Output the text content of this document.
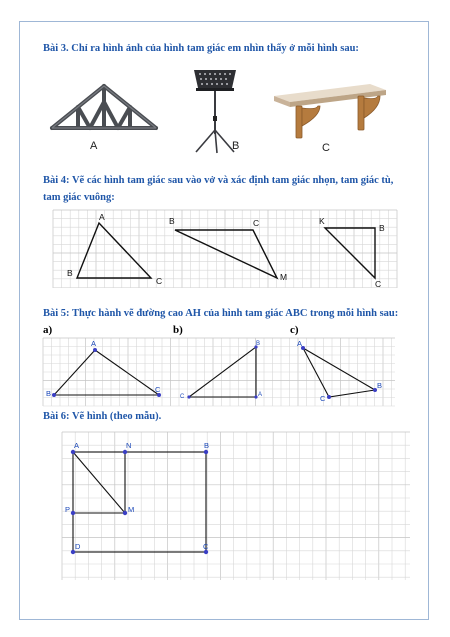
Bài 3. Chỉ ra hình ảnh của hình tam giác em nhìn thấy ở mỗi hình sau:
A	B	C
Bài 4: Vẽ các hình tam giác sau vào vở và xác định tam giác nhọn, tam giác tù,
tam giác vuông:
A
B
C
B	C
M
K
B
C
Bài 5: Thực hành vẽ đường cao AH của hình tam giác ABC trong mỗi hình sau:
a)	b)	c)
A
B	C
B
C	A
A
C
B
Bài 6: Vẽ hình (theo mẫu).
A	N	B
P	M
D	C
